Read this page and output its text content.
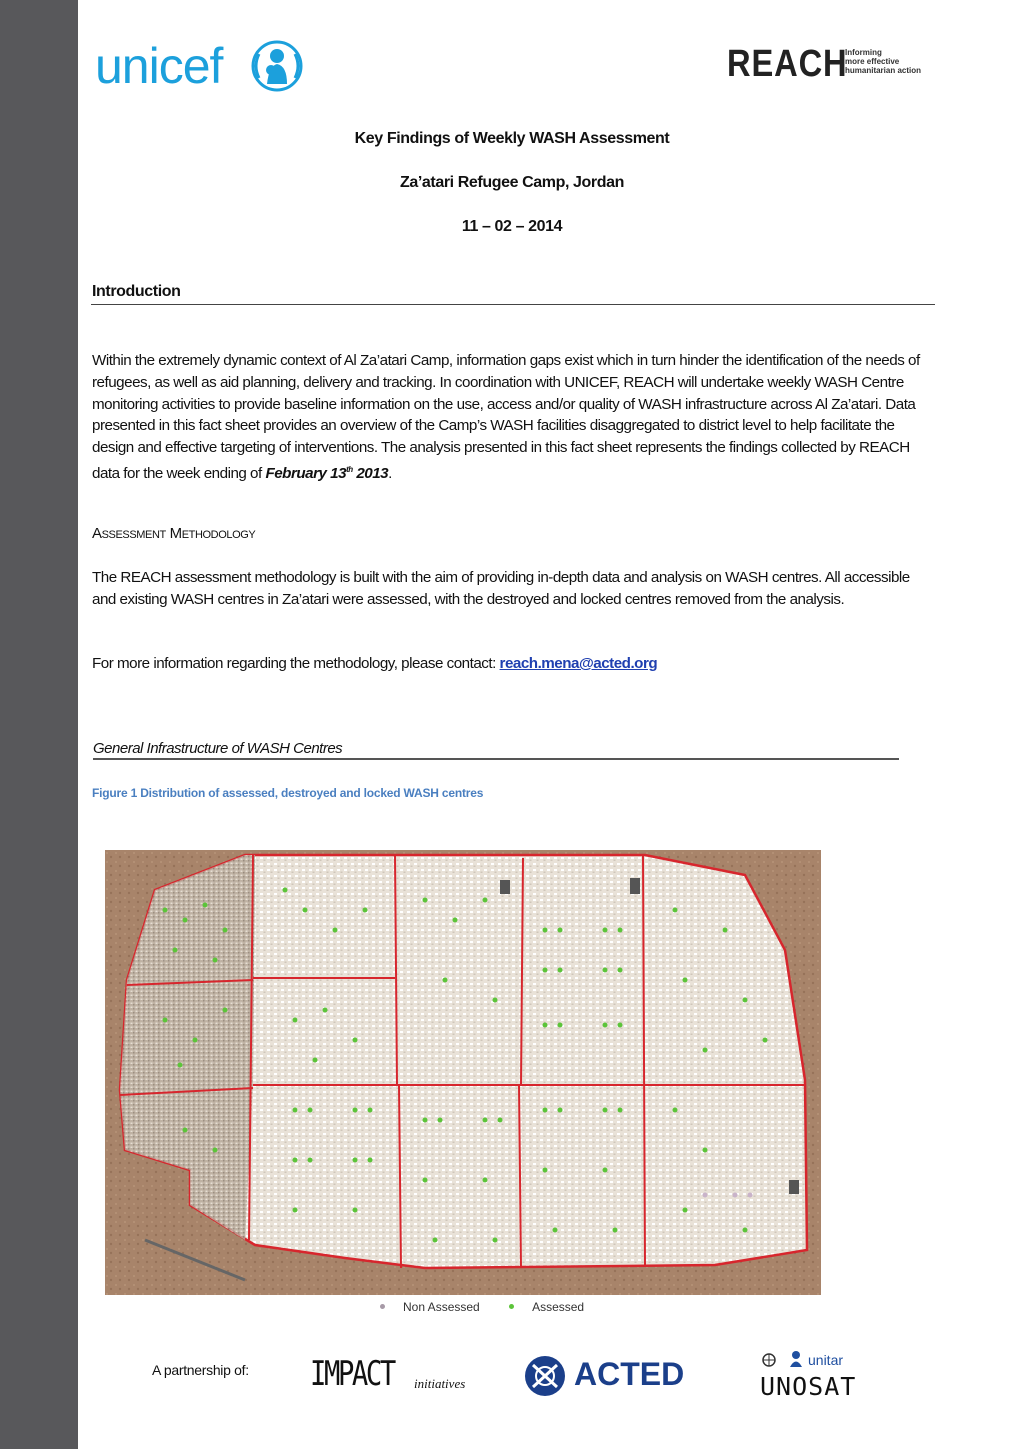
unicef	REACH
Informing
more effective
humanitarian action
Key Findings of Weekly WASH Assessment
Za’atari Refugee Camp, Jordan
11 – 02 – 2014
Introduction
Within the extremely dynamic context of Al Za’atari Camp, information gaps exist which in turn hinder the identification of the needs of refugees, as well as aid planning, delivery and tracking. In coordination with UNICEF, REACH will undertake weekly WASH Centre monitoring activities to provide baseline information on the use, access and/or quality of WASH infrastructure across Al Za’atari. Data presented in this fact sheet provides an overview of the Camp’s WASH facilities disaggregated to district level to help facilitate the design and effective targeting of interventions. The analysis presented in this fact sheet represents the findings collected by REACH data for the week ending of February 13th 2013.
Assessment Methodology
The REACH assessment methodology is built with the aim of providing in-depth data and analysis on WASH centres. All accessible and existing WASH centres in Za’atari were assessed, with the destroyed and locked centres removed from the analysis.
For more information regarding the methodology, please contact: reach.mena@acted.org
General Infrastructure of WASH Centres
Figure 1 Distribution of assessed, destroyed and locked WASH centres
Non Assessed	Assessed
A partnership of: IMPACT initiatives	ACTED	unitar
UNOSAT
